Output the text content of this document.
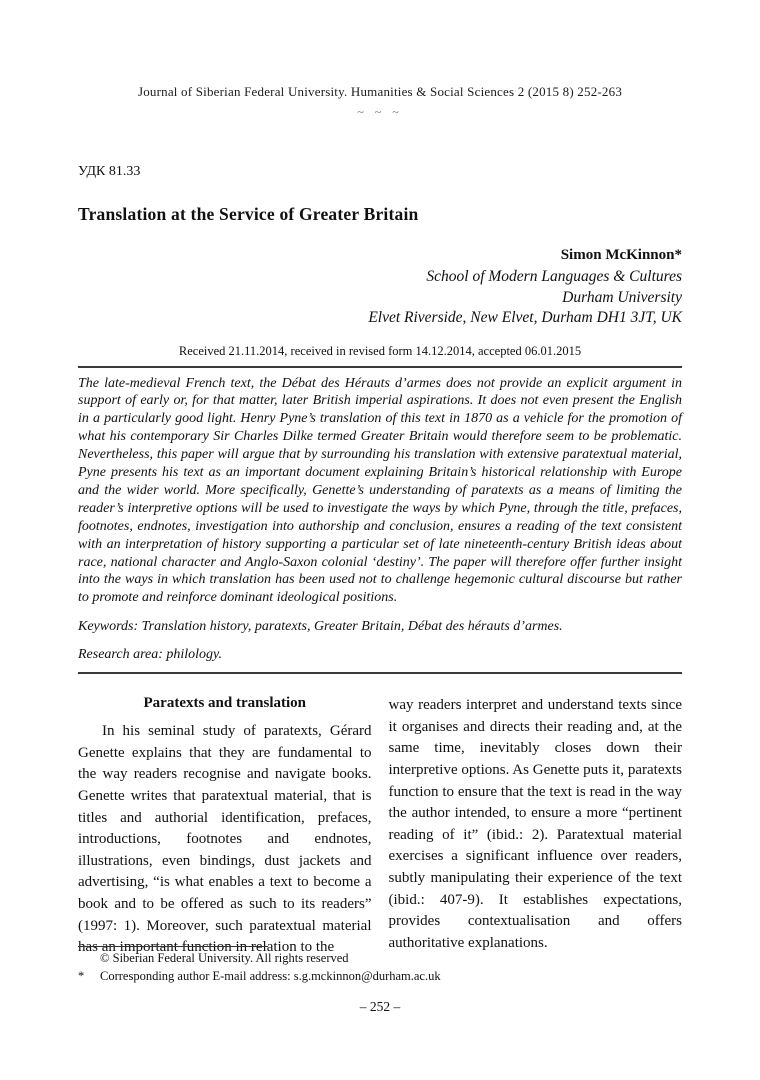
Journal of Siberian Federal University. Humanities & Social Sciences 2 (2015 8) 252-263
~ ~ ~
УДК 81.33
Translation at the Service of Greater Britain
Simon McKinnon*
School of Modern Languages & Cultures
Durham University
Elvet Riverside, New Elvet, Durham DH1 3JT, UK
Received 21.11.2014, received in revised form 14.12.2014, accepted 06.01.2015

The late-medieval French text, the Débat des Hérauts d’armes does not provide an explicit argument in support of early or, for that matter, later British imperial aspirations. It does not even present the English in a particularly good light. Henry Pyne’s translation of this text in 1870 as a vehicle for the promotion of what his contemporary Sir Charles Dilke termed Greater Britain would therefore seem to be problematic. Nevertheless, this paper will argue that by surrounding his translation with extensive paratextual material, Pyne presents his text as an important document explaining Britain’s historical relationship with Europe and the wider world. More specifically, Genette’s understanding of paratexts as a means of limiting the reader’s interpretive options will be used to investigate the ways by which Pyne, through the title, prefaces, footnotes, endnotes, investigation into authorship and conclusion, ensures a reading of the text consistent with an interpretation of history supporting a particular set of late nineteenth-century British ideas about race, national character and Anglo-Saxon colonial ‘destiny’. The paper will therefore offer further insight into the ways in which translation has been used not to challenge hegemonic cultural discourse but rather to promote and reinforce dominant ideological positions.

Keywords: Translation history, paratexts, Greater Britain, Débat des hérauts d’armes.

Research area: philology.

Paratexts and translation

In his seminal study of paratexts, Gérard Genette explains that they are fundamental to the way readers recognise and navigate books. Genette writes that paratextual material, that is titles and authorial identification, prefaces, introductions, footnotes and endnotes, illustrations, even bindings, dust jackets and advertising, “is what enables a text to become a book and to be offered as such to its readers” (1997: 1). Moreover, such paratextual material has an important function in relation to the

way readers interpret and understand texts since it organises and directs their reading and, at the same time, inevitably closes down their interpretive options. As Genette puts it, paratexts function to ensure that the text is read in the way the author intended, to ensure a more “pertinent reading of it” (ibid.: 2). Paratextual material exercises a significant influence over readers, subtly manipulating their experience of the text (ibid.: 407-9). It establishes expectations, provides contextualisation and offers authoritative explanations.

© Siberian Federal University. All rights reserved
*	Corresponding author E-mail address: s.g.mckinnon@durham.ac.uk
– 252 –
